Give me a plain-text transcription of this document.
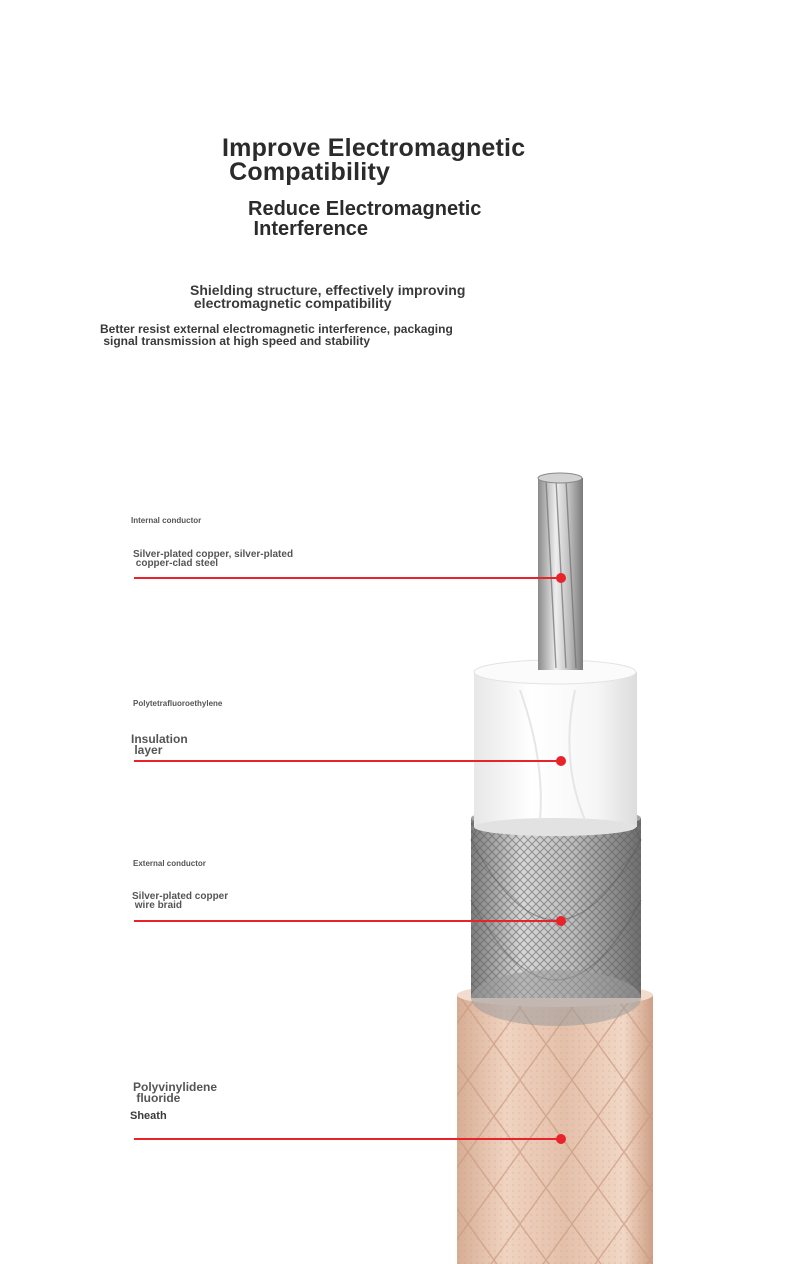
Improve Electromagnetic
Compatibility
Reduce Electromagnetic
Interference
Shielding structure, effectively improving
electromagnetic compatibility
Better resist external electromagnetic interference, packaging
signal transmission at high speed and stability
Internal conductor
Silver-plated copper, silver-plated
copper-clad steel
Polytetrafluoroethylene
Insulation
layer
External conductor
Silver-plated copper
wire braid
Polyvinylidene
fluoride
Sheath
